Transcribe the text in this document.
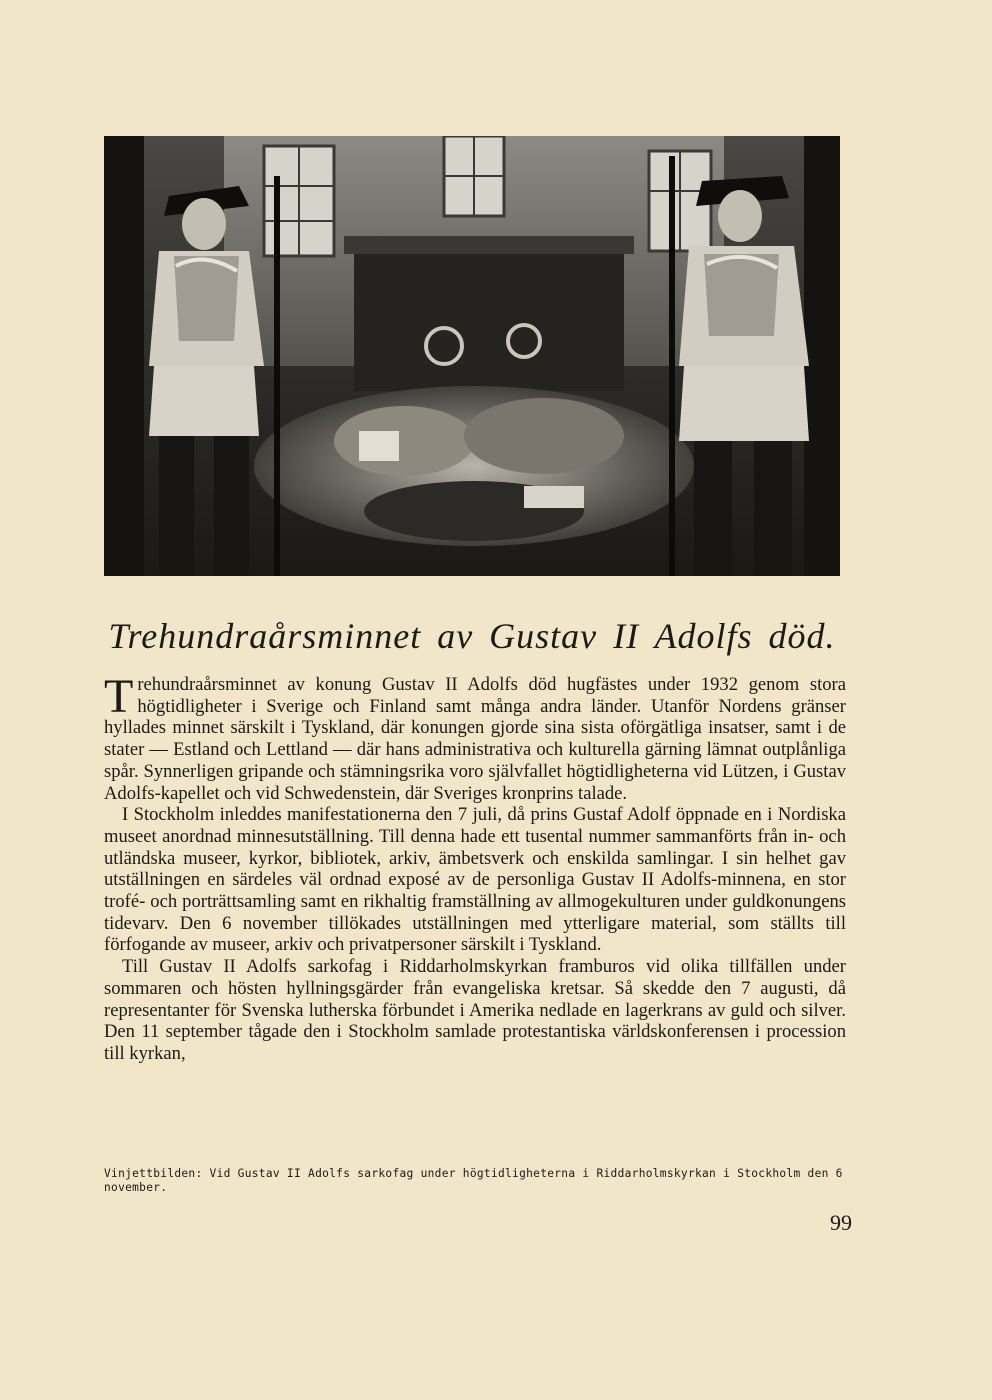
Trehundraårsminnet av Gustav II Adolfs död.

Trehundraårsminnet av konung Gustav II Adolfs död hugfästes under 1932 genom stora högtidligheter i Sverige och Finland samt många andra länder. Utanför Nordens gränser hyllades minnet särskilt i Tyskland, där konungen gjorde sina sista oförgätliga insatser, samt i de stater — Estland och Lettland — där hans administrativa och kulturella gärning lämnat outplånliga spår. Synnerligen gripande och stämningsrika voro självfallet högtidligheterna vid Lützen, i Gustav Adolfs-kapellet och vid Schwedenstein, där Sveriges kronprins talade.

I Stockholm inleddes manifestationerna den 7 juli, då prins Gustaf Adolf öppnade en i Nordiska museet anordnad minnesutställning. Till denna hade ett tusental nummer sammanförts från in- och utländska museer, kyrkor, bibliotek, arkiv, ämbetsverk och enskilda samlingar. I sin helhet gav utställningen en särdeles väl ordnad exposé av de personliga Gustav II Adolfs-minnena, en stor trofé- och porträttsamling samt en rikhaltig framställning av allmogekulturen under guldkonungens tidevarv. Den 6 november tillökades utställningen med ytterligare material, som ställts till förfogande av museer, arkiv och privatpersoner särskilt i Tyskland.

Till Gustav II Adolfs sarkofag i Riddarholmskyrkan framburos vid olika tillfällen under sommaren och hösten hyllningsgärder från evangeliska kretsar. Så skedde den 7 augusti, då representanter för Svenska lutherska förbundet i Amerika nedlade en lagerkrans av guld och silver. Den 11 september tågade den i Stockholm samlade protestantiska världskonferensen i procession till kyrkan,

Vinjettbilden: Vid Gustav II Adolfs sarkofag under högtidligheterna i Riddarholmskyrkan i Stockholm den 6 november.
99
